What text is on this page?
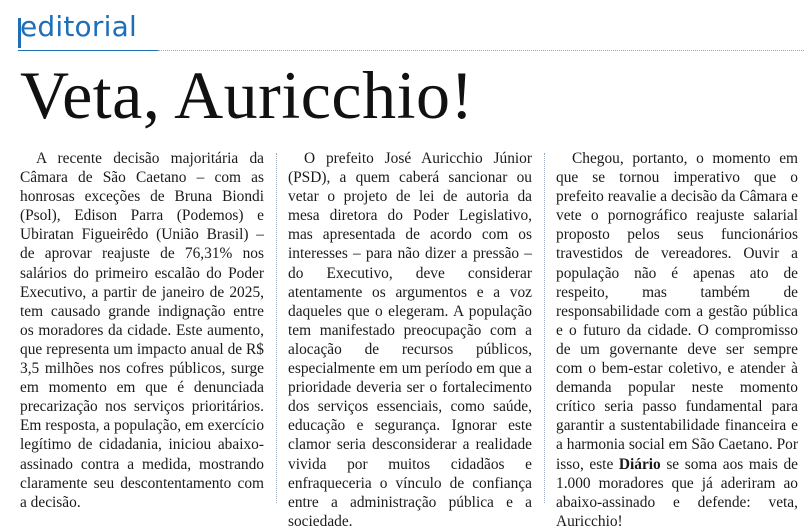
editorial
Veta, Auricchio!

A recente decisão majoritária da Câmara de São Caetano – com as honrosas exceções de Bruna Biondi (Psol), Edison Parra (Podemos) e Ubiratan Figueirêdo (União Brasil) – de aprovar reajuste de 76,31% nos salários do primeiro escalão do Poder Executivo, a partir de janeiro de 2025, tem causado grande indignação entre os moradores da cidade. Este aumento, que representa um impacto anual de R$ 3,5 milhões nos cofres públicos, surge em momento em que é denunciada precarização nos serviços prioritários. Em resposta, a população, em exercício legítimo de cidadania, iniciou abaixo-assinado contra a medida, mostrando claramente seu descontentamento com a decisão.

O prefeito José Auricchio Júnior (PSD), a quem caberá sancionar ou vetar o projeto de lei de autoria da mesa diretora do Poder Legislativo, mas apresentada de acordo com os interesses – para não dizer a pressão – do Executivo, deve considerar atentamente os argumentos e a voz daqueles que o elegeram. A população tem manifestado preocupação com a alocação de recursos públicos, especialmente em um período em que a prioridade deveria ser o fortalecimento dos serviços essenciais, como saúde, educação e segurança. Ignorar este clamor seria desconsiderar a realidade vivida por muitos cidadãos e enfraqueceria o vínculo de confiança entre a administração pública e a sociedade.

Chegou, portanto, o momento em que se tornou imperativo que o prefeito reavalie a decisão da Câmara e vete o pornográfico reajuste salarial proposto pelos seus funcionários travestidos de vereadores. Ouvir a população não é apenas ato de respeito, mas também de responsabilidade com a gestão pública e o futuro da cidade. O compromisso de um governante deve ser sempre com o bem-estar coletivo, e atender à demanda popular neste momento crítico seria passo fundamental para garantir a sustentabilidade financeira e a harmonia social em São Caetano. Por isso, este Diário se soma aos mais de 1.000 moradores que já aderiram ao abaixo-assinado e defende: veta, Auricchio!
